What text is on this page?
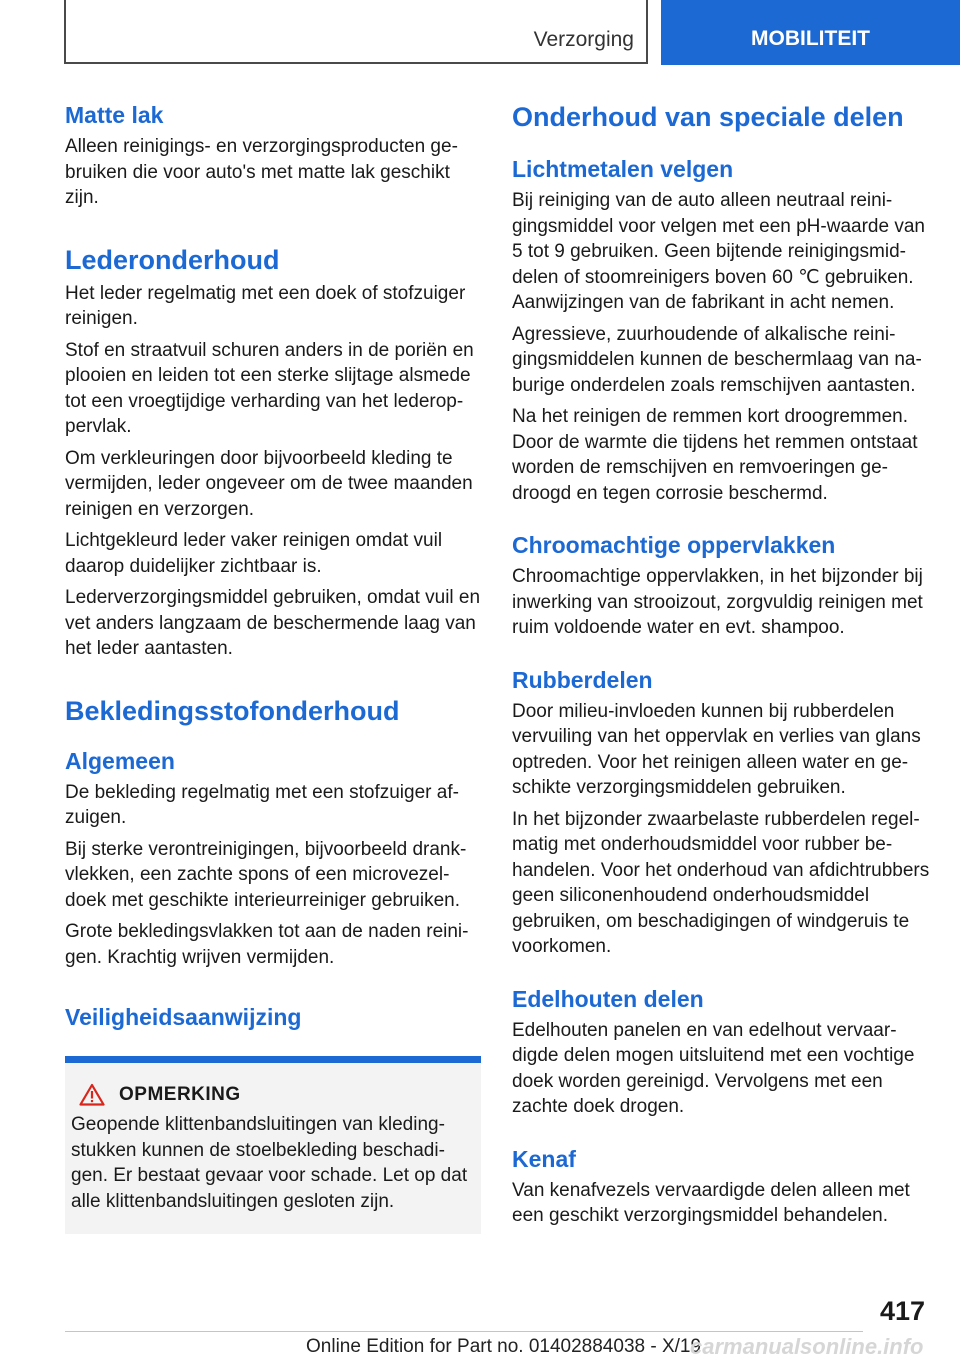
Verzorging	MOBILITEIT
Matte lak

Alleen reinigings- en verzorgingsproducten gebruiken die voor auto's met matte lak geschikt zijn.

Lederonderhoud

Het leder regelmatig met een doek of stofzuiger reinigen.

Stof en straatvuil schuren anders in de poriën en plooien en leiden tot een sterke slijtage alsmede tot een vroegtijdige verharding van het lederoppervlak.

Om verkleuringen door bijvoorbeeld kleding te vermijden, leder ongeveer om de twee maanden reinigen en verzorgen.

Lichtgekleurd leder vaker reinigen omdat vuil daarop duidelijker zichtbaar is.

Lederverzorgingsmiddel gebruiken, omdat vuil en vet anders langzaam de beschermende laag van het leder aantasten.

Bekledingsstofonderhoud
Algemeen

De bekleding regelmatig met een stofzuiger afzuigen.

Bij sterke verontreinigingen, bijvoorbeeld drankvlekken, een zachte spons of een microvezeldoek met geschikte interieurreiniger gebruiken.

Grote bekledingsvlakken tot aan de naden reinigen. Krachtig wrijven vermijden.

Veiligheidsaanwijzing
OPMERKING

Geopende klittenbandsluitingen van kledingstukken kunnen de stoelbekleding beschadigen. Er bestaat gevaar voor schade. Let op dat alle klittenbandsluitingen gesloten zijn.

Onderhoud van speciale delen
Lichtmetalen velgen

Bij reiniging van de auto alleen neutraal reinigingsmiddel voor velgen met een pH-waarde van 5 tot 9 gebruiken. Geen bijtende reinigingsmiddelen of stoomreinigers boven 60 ℃ gebruiken. Aanwijzingen van de fabrikant in acht nemen.

Agressieve, zuurhoudende of alkalische reinigingsmiddelen kunnen de beschermlaag van naburige onderdelen zoals remschijven aantasten.

Na het reinigen de remmen kort droogremmen. Door de warmte die tijdens het remmen ontstaat worden de remschijven en remvoeringen gedroogd en tegen corrosie beschermd.

Chroomachtige oppervlakken

Chroomachtige oppervlakken, in het bijzonder bij inwerking van strooizout, zorgvuldig reinigen met ruim voldoende water en evt. shampoo.

Rubberdelen

Door milieu-invloeden kunnen bij rubberdelen vervuiling van het oppervlak en verlies van glans optreden. Voor het reinigen alleen water en geschikte verzorgingsmiddelen gebruiken.

In het bijzonder zwaarbelaste rubberdelen regelmatig met onderhoudsmiddel voor rubber behandelen. Voor het onderhoud van afdichtrubbers geen siliconenhoudend onderhoudsmiddel gebruiken, om beschadigingen of windgeruis te voorkomen.

Edelhouten delen

Edelhouten panelen en van edelhout vervaardigde delen mogen uitsluitend met een vochtige doek worden gereinigd. Vervolgens met een zachte doek drogen.

Kenaf

Van kenafvezels vervaardigde delen alleen met een geschikt verzorgingsmiddel behandelen.

417
Online Edition for Part no. 01402884038 - X/19
carmanualsonline.info
